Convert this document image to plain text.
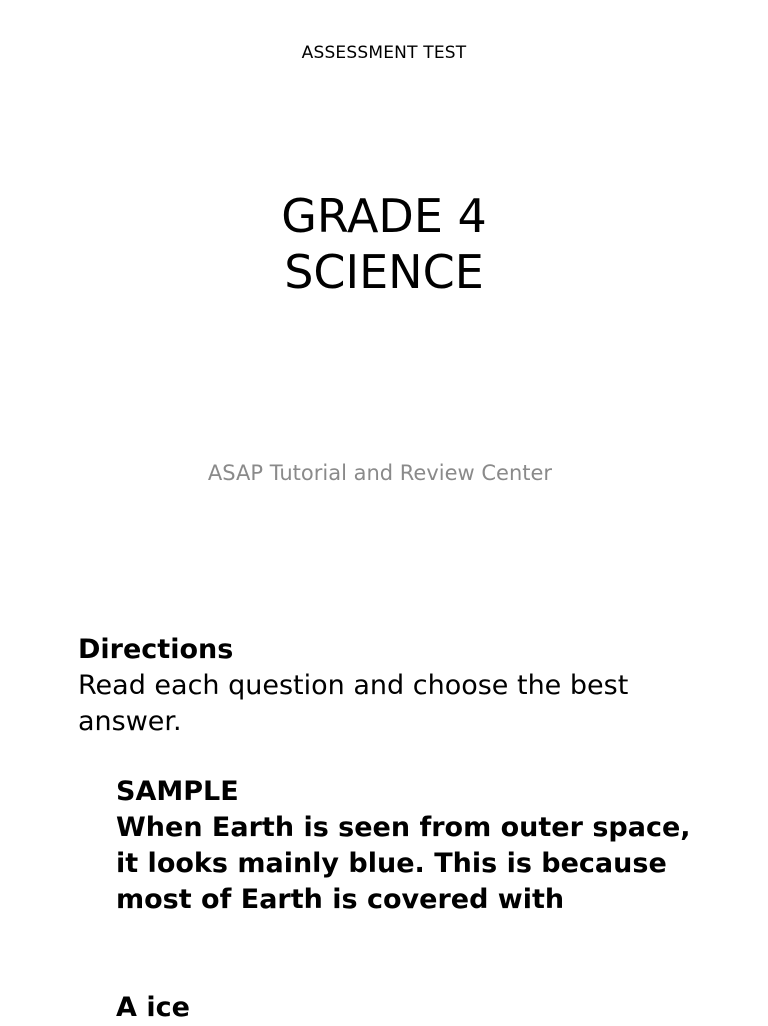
ASSESSMENT TEST
GRADE 4
SCIENCE
ASAP Tutorial and Review Center
Directions
Read each question and choose the best answer.
SAMPLE
When Earth is seen from outer space, it looks mainly blue. This is because most of Earth is covered with
A ice
